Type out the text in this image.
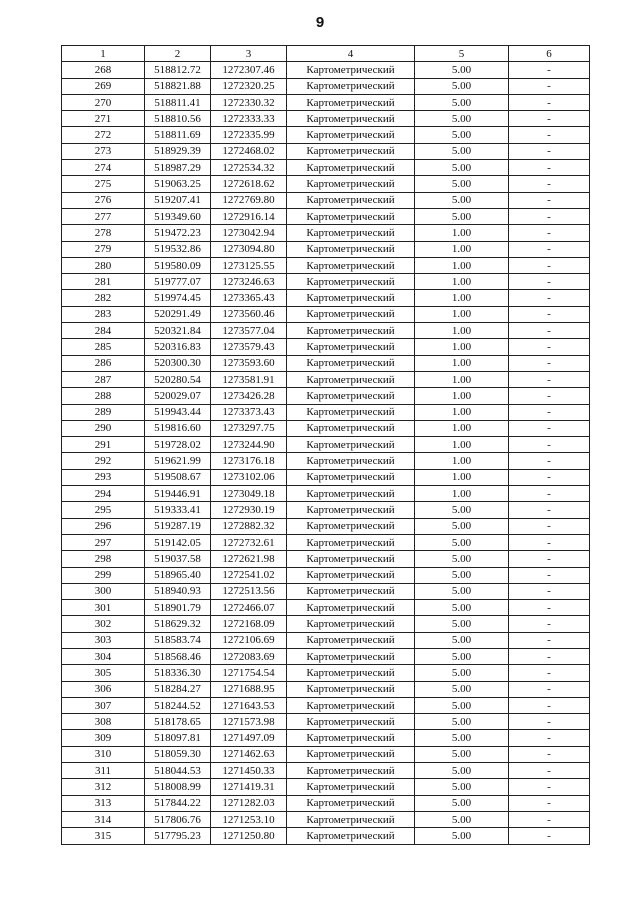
9
1	2	3	4	5	6
268	518812.72	1272307.46	Картометрический	5.00	-
269	518821.88	1272320.25	Картометрический	5.00	-
270	518811.41	1272330.32	Картометрический	5.00	-
271	518810.56	1272333.33	Картометрический	5.00	-
272	518811.69	1272335.99	Картометрический	5.00	-
273	518929.39	1272468.02	Картометрический	5.00	-
274	518987.29	1272534.32	Картометрический	5.00	-
275	519063.25	1272618.62	Картометрический	5.00	-
276	519207.41	1272769.80	Картометрический	5.00	-
277	519349.60	1272916.14	Картометрический	5.00	-
278	519472.23	1273042.94	Картометрический	1.00	-
279	519532.86	1273094.80	Картометрический	1.00	-
280	519580.09	1273125.55	Картометрический	1.00	-
281	519777.07	1273246.63	Картометрический	1.00	-
282	519974.45	1273365.43	Картометрический	1.00	-
283	520291.49	1273560.46	Картометрический	1.00	-
284	520321.84	1273577.04	Картометрический	1.00	-
285	520316.83	1273579.43	Картометрический	1.00	-
286	520300.30	1273593.60	Картометрический	1.00	-
287	520280.54	1273581.91	Картометрический	1.00	-
288	520029.07	1273426.28	Картометрический	1.00	-
289	519943.44	1273373.43	Картометрический	1.00	-
290	519816.60	1273297.75	Картометрический	1.00	-
291	519728.02	1273244.90	Картометрический	1.00	-
292	519621.99	1273176.18	Картометрический	1.00	-
293	519508.67	1273102.06	Картометрический	1.00	-
294	519446.91	1273049.18	Картометрический	1.00	-
295	519333.41	1272930.19	Картометрический	5.00	-
296	519287.19	1272882.32	Картометрический	5.00	-
297	519142.05	1272732.61	Картометрический	5.00	-
298	519037.58	1272621.98	Картометрический	5.00	-
299	518965.40	1272541.02	Картометрический	5.00	-
300	518940.93	1272513.56	Картометрический	5.00	-
301	518901.79	1272466.07	Картометрический	5.00	-
302	518629.32	1272168.09	Картометрический	5.00	-
303	518583.74	1272106.69	Картометрический	5.00	-
304	518568.46	1272083.69	Картометрический	5.00	-
305	518336.30	1271754.54	Картометрический	5.00	-
306	518284.27	1271688.95	Картометрический	5.00	-
307	518244.52	1271643.53	Картометрический	5.00	-
308	518178.65	1271573.98	Картометрический	5.00	-
309	518097.81	1271497.09	Картометрический	5.00	-
310	518059.30	1271462.63	Картометрический	5.00	-
311	518044.53	1271450.33	Картометрический	5.00	-
312	518008.99	1271419.31	Картометрический	5.00	-
313	517844.22	1271282.03	Картометрический	5.00	-
314	517806.76	1271253.10	Картометрический	5.00	-
315	517795.23	1271250.80	Картометрический	5.00	-
